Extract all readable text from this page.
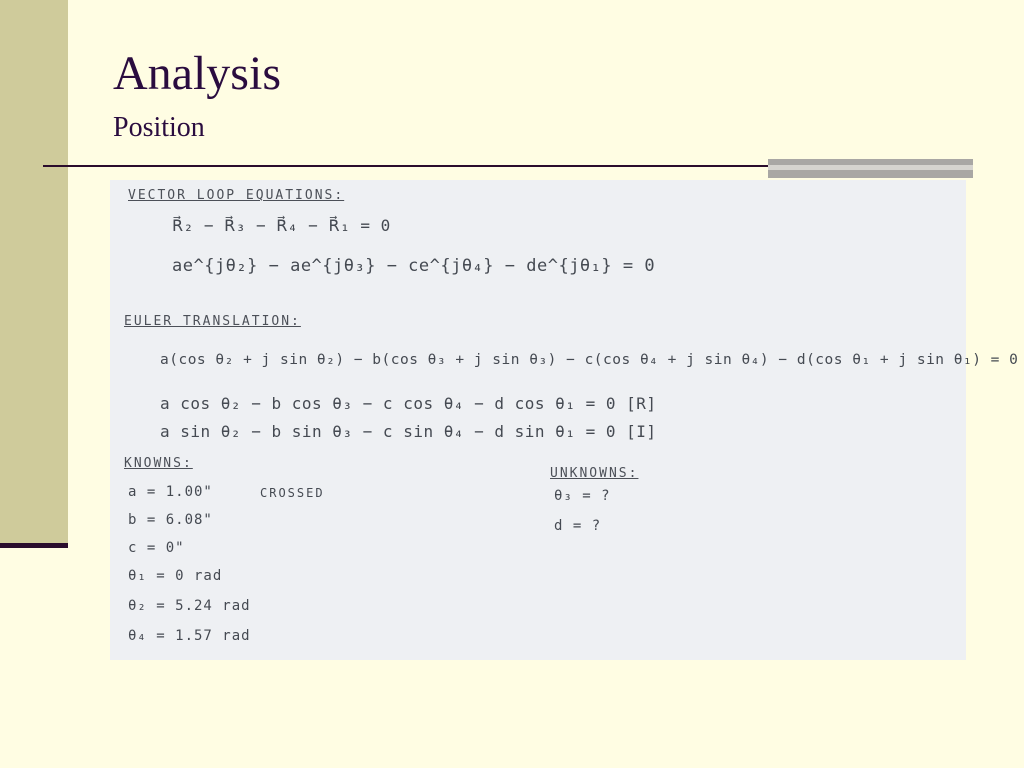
Analysis
Position

VECTOR LOOP EQUATIONS:

R⃗₂ − R⃗₃ − R⃗₄ − R⃗₁ = 0

ae^{jθ₂} − ae^{jθ₃} − ce^{jθ₄} − de^{jθ₁} = 0

EULER TRANSLATION:

a(cos θ₂ + j sin θ₂) − b(cos θ₃ + j sin θ₃) − c(cos θ₄ + j sin θ₄) − d(cos θ₁ + j sin θ₁) = 0

a cos θ₂ − b cos θ₃ − c cos θ₄ − d cos θ₁ = 0 [R]

a sin θ₂ − b sin θ₃ − c sin θ₄ − d sin θ₁ = 0 [I]

KNOWNS:

a = 1.00"	CROSSED

b = 6.08"

c = 0"

θ₁ = 0 rad

θ₂ = 5.24 rad

θ₄ = 1.57 rad

UNKNOWNS:

θ₃ = ?

d = ?
